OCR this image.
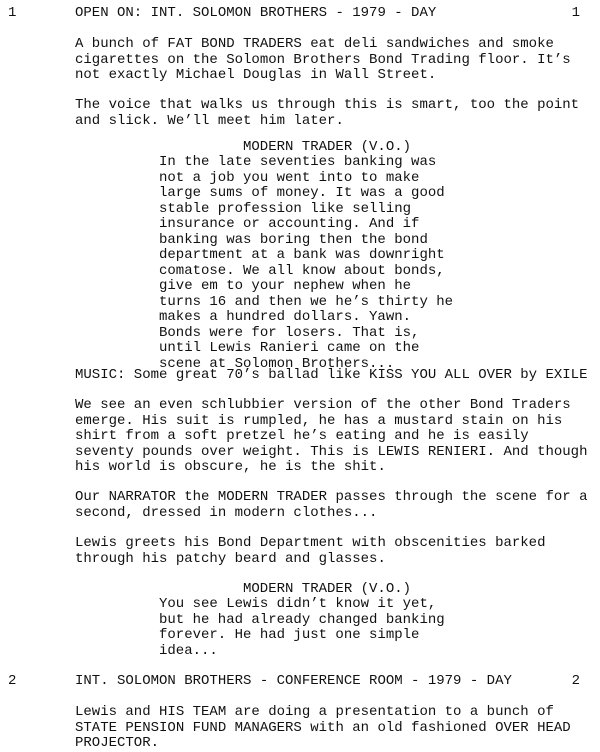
1	OPEN ON: INT. SOLOMON BROTHERS - 1979 - DAY	1
A bunch of FAT BOND TRADERS eat deli sandwiches and smoke
cigarettes on the Solomon Brothers Bond Trading floor. It’s
not exactly Michael Douglas in Wall Street.
The voice that walks us through this is smart, too the point
and slick. We’ll meet him later.
MODERN TRADER (V.O.)
In the late seventies banking was
not a job you went into to make
large sums of money. It was a good
stable profession like selling
insurance or accounting. And if
banking was boring then the bond
department at a bank was downright
comatose. We all know about bonds,
give em to your nephew when he
turns 16 and then we he’s thirty he
makes a hundred dollars. Yawn.
Bonds were for losers. That is,
until Lewis Ranieri came on the
scene at Solomon Brothers...
MUSIC: Some great 70’s ballad like KISS YOU ALL OVER by EXILE
We see an even schlubbier version of the other Bond Traders
emerge. His suit is rumpled, he has a mustard stain on his
shirt from a soft pretzel he’s eating and he is easily
seventy pounds over weight. This is LEWIS RENIERI. And though
his world is obscure, he is the shit.
Our NARRATOR the MODERN TRADER passes through the scene for a
second, dressed in modern clothes...
Lewis greets his Bond Department with obscenities barked
through his patchy beard and glasses.
MODERN TRADER (V.O.)
You see Lewis didn’t know it yet,
but he had already changed banking
forever. He had just one simple
idea...
2	INT. SOLOMON BROTHERS - CONFERENCE ROOM - 1979 - DAY	2
Lewis and HIS TEAM are doing a presentation to a bunch of
STATE PENSION FUND MANAGERS with an old fashioned OVER HEAD
PROJECTOR.
